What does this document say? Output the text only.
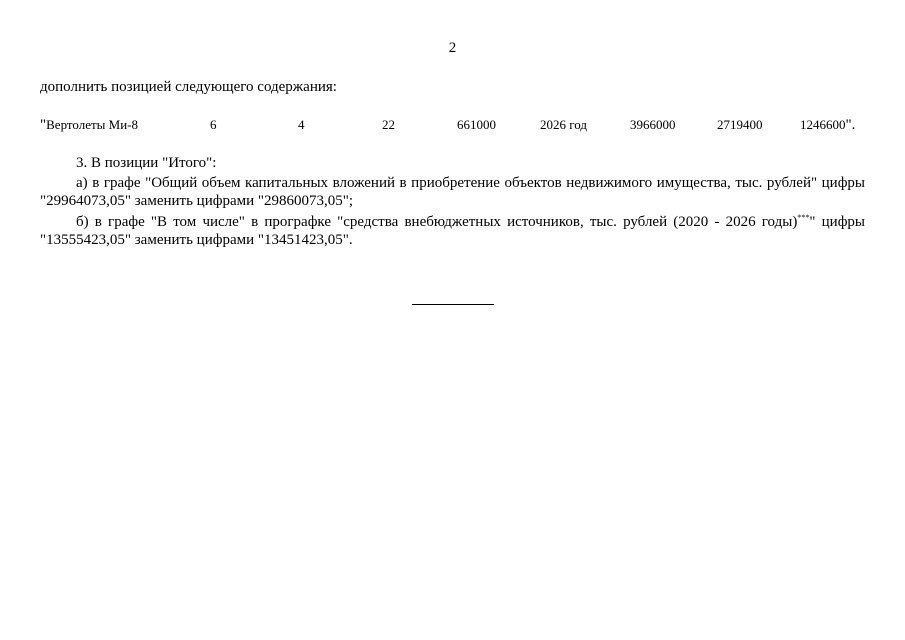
2
дополнить позицией следующего содержания:
"Вертолеты Ми-8	6	4	22	661000	2026 год	3966000	2719400	1246600".
3. В позиции "Итого":
а) в графе "Общий объем капитальных вложений в приобретение объектов недвижимого имущества, тыс. рублей" цифры "29964073,05" заменить цифрами "29860073,05";
б) в графе "В том числе" в прографке "средства внебюджетных источников, тыс. рублей (2020 - 2026 годы)***" цифры "13555423,05" заменить цифрами "13451423,05".
